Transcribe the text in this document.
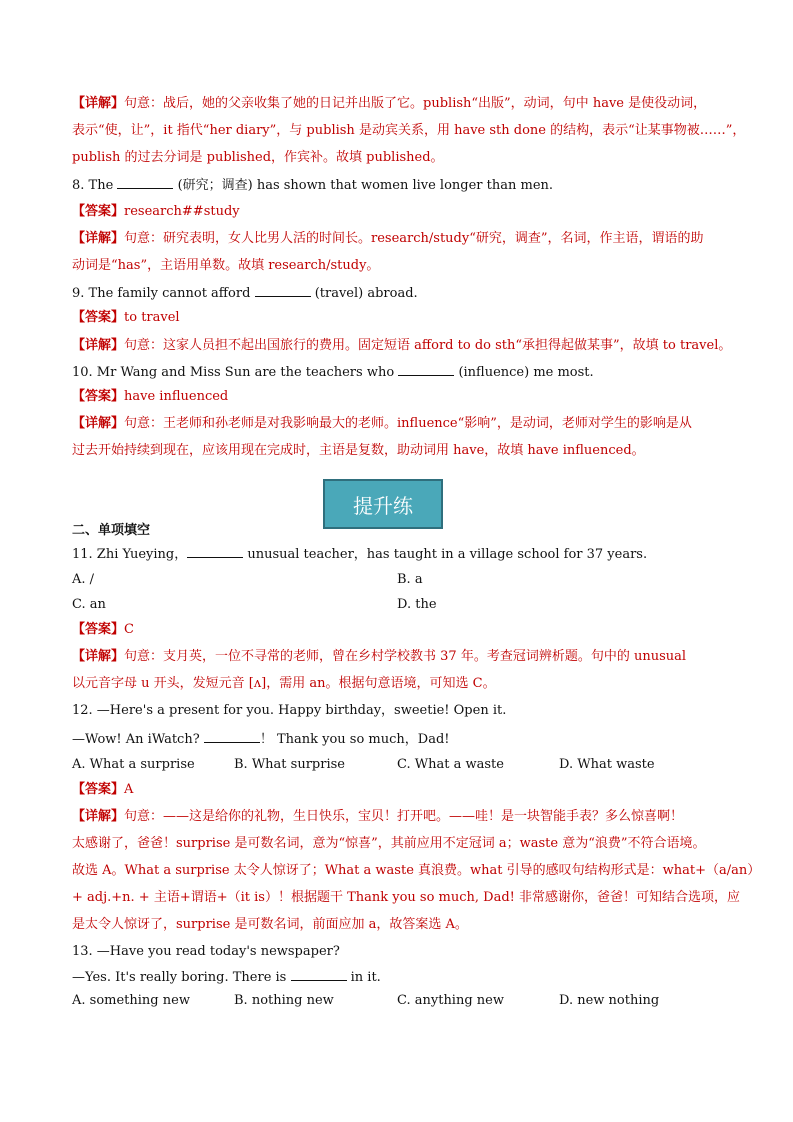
【详解】句意：战后，她的父亲收集了她的日记并出版了它。publish“出版”，动词，句中 have 是使役动词，
表示“使，让”，it 指代“her diary”，与 publish 是动宾关系，用 have sth done 的结构，表示“让某事物被……”，
publish 的过去分词是 published，作宾补。故填 published。
8. The	(研究；调查) has shown that women live longer than men.
【答案】research##study
【详解】句意：研究表明，女人比男人活的时间长。research/study“研究，调查”，名词，作主语，谓语的助
动词是“has”，主语用单数。故填 research/study。
9. The family cannot afford	(travel) abroad.
【答案】to travel
【详解】句意：这家人员担不起出国旅行的费用。固定短语 afford to do sth“承担得起做某事”，故填 to travel。
10. Mr Wang and Miss Sun are the teachers who	(influence) me most.
【答案】have influenced
【详解】句意：王老师和孙老师是对我影响最大的老师。influence“影响”，是动词，老师对学生的影响是从
过去开始持续到现在，应该用现在完成时，主语是复数，助动词用 have，故填 have influenced。
提升练
二、单项填空
11. Zhi Yueying，	unusual teacher，has taught in a village school for 37 years.
A. /	B. a
C. an	D. the
【答案】C
【详解】句意：支月英，一位不寻常的老师，曾在乡村学校教书 37 年。考查冠词辨析题。句中的 unusual
以元音字母 u 开头，发短元音 [ʌ]，需用 an。根据句意语境，可知选 C。
12. —Here's a present for you. Happy birthday，sweetie! Open it.
—Wow! An iWatch?	！ Thank you so much，Dad!
A. What a surprise	B. What surprise	C. What a waste	D. What waste
【答案】A
【详解】句意：——这是给你的礼物，生日快乐，宝贝！打开吧。——哇！是一块智能手表？多么惊喜啊！
太感谢了，爸爸！surprise 是可数名词，意为“惊喜”，其前应用不定冠词 a；waste 意为“浪费”不符合语境。
故选 A。What a surprise 太令人惊讶了；What a waste 真浪费。what 引导的感叹句结构形式是：what+（a/an）
+ adj.+n. + 主语+谓语+（it is）！根据题干 Thank you so much, Dad! 非常感谢你，爸爸！可知结合选项，应
是太令人惊讶了，surprise 是可数名词，前面应加 a，故答案选 A。
13. —Have you read today's newspaper?
—Yes. It's really boring. There is	in it.
A. something new	B. nothing new	C. anything new	D. new nothing
